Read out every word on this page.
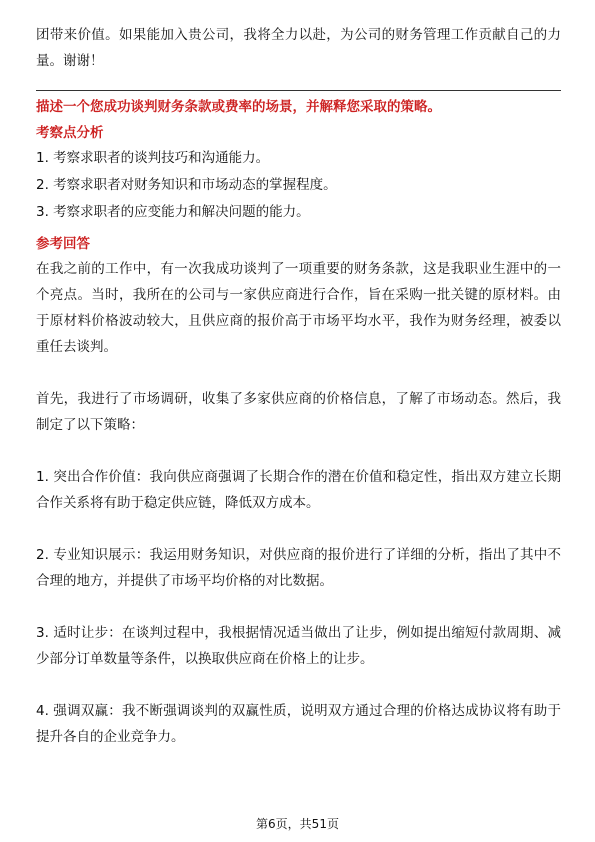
团带来价值。如果能加入贵公司，我将全力以赴，为公司的财务管理工作贡献自己的力量。谢谢！

描述一个您成功谈判财务条款或费率的场景，并解释您采取的策略。

考察点分析

1. 考察求职者的谈判技巧和沟通能力。

2. 考察求职者对财务知识和市场动态的掌握程度。

3. 考察求职者的应变能力和解决问题的能力。

参考回答

在我之前的工作中，有一次我成功谈判了一项重要的财务条款，这是我职业生涯中的一个亮点。当时，我所在的公司与一家供应商进行合作，旨在采购一批关键的原材料。由于原材料价格波动较大，且供应商的报价高于市场平均水平，我作为财务经理，被委以重任去谈判。

首先，我进行了市场调研，收集了多家供应商的价格信息，了解了市场动态。然后，我制定了以下策略：

1. 突出合作价值：我向供应商强调了长期合作的潜在价值和稳定性，指出双方建立长期合作关系将有助于稳定供应链，降低双方成本。

2. 专业知识展示：我运用财务知识，对供应商的报价进行了详细的分析，指出了其中不合理的地方，并提供了市场平均价格的对比数据。

3. 适时让步：在谈判过程中，我根据情况适当做出了让步，例如提出缩短付款周期、减少部分订单数量等条件，以换取供应商在价格上的让步。

4. 强调双赢：我不断强调谈判的双赢性质，说明双方通过合理的价格达成协议将有助于提升各自的企业竞争力。

第6页，共51页
